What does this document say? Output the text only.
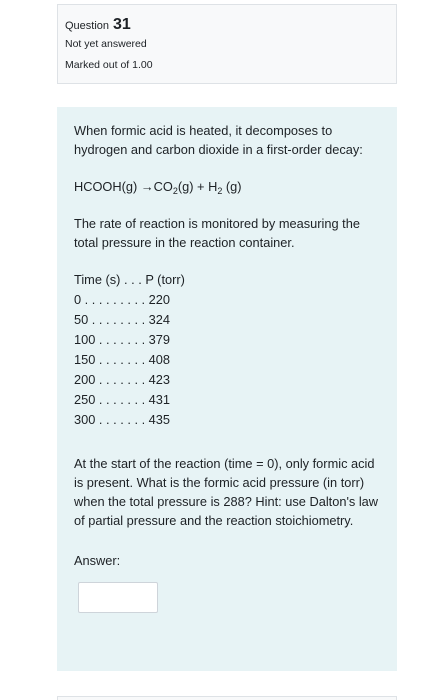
Question 31
Not yet answered
Marked out of 1.00

When formic acid is heated, it decomposes to hydrogen and carbon dioxide in a first-order decay:

HCOOH(g) $\to CO_2(g) + H_2$ (g)

The rate of reaction is monitored by measuring the total pressure in the reaction container.

Time (s) . . . P (torr)
0 . . . . . . . . . 220
50 . . . . . . . . 324
100 . . . . . . . 379
150 . . . . . . . 408
200 . . . . . . . 423
250 . . . . . . . 431
300 . . . . . . . 435

At the start of the reaction (time = 0), only formic acid is present. What is the formic acid pressure (in torr) when the total pressure is 288? Hint: use Dalton's law of partial pressure and the reaction stoichiometry.

Answer:
